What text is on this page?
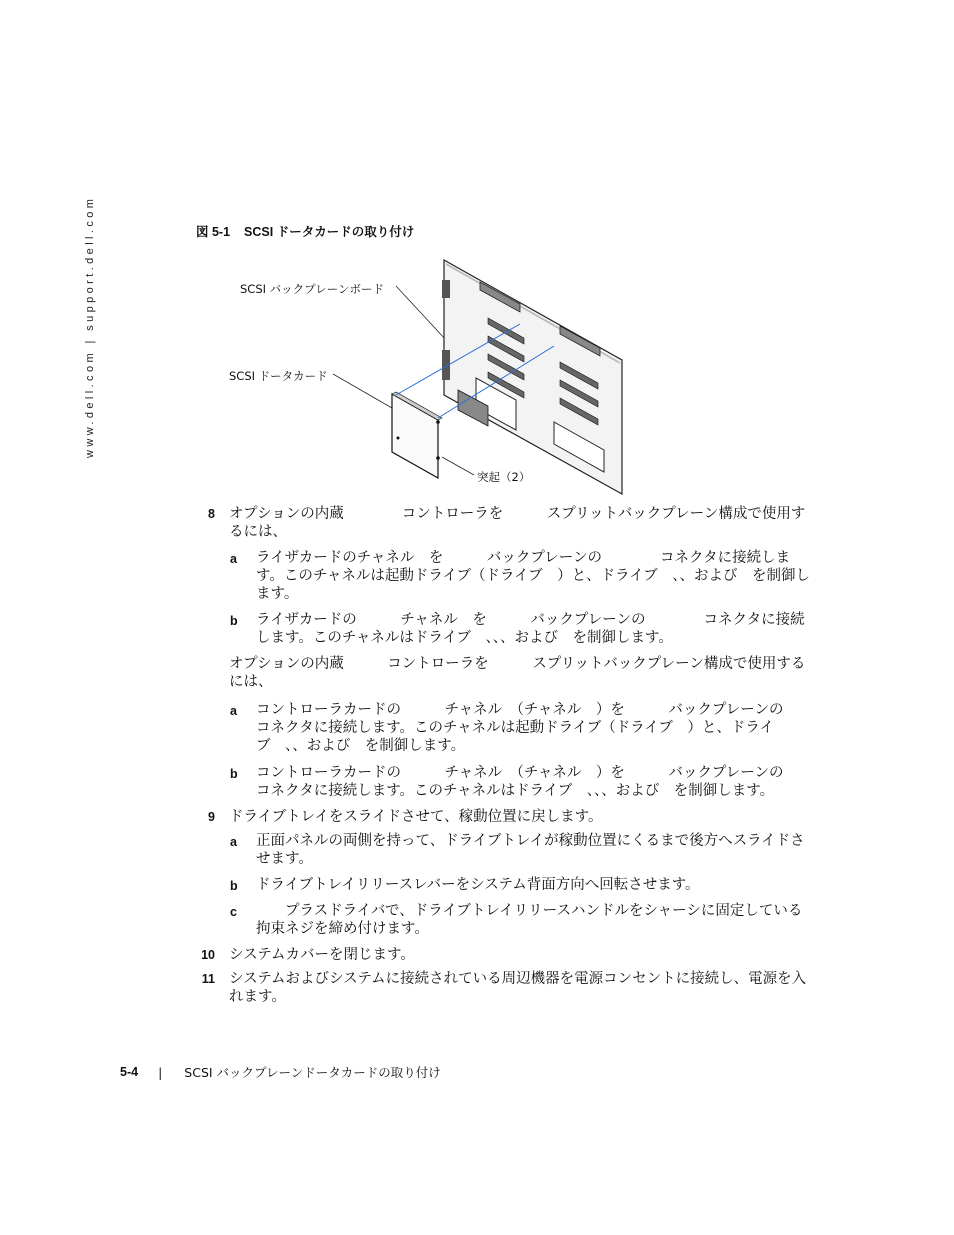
www.dell.com | support.dell.com	図 5-1 SCSI ドータカードの取り付け
SCSI バックプレーンボード
SCSI ドータカード
突起（2）
8 オプションの内蔵　　　　コントローラを　　　スプリットバックプレーン構成で使用するには、
a ライザカードのチャネル　を　　　バックプレーンの　　　　コネクタに接続します。このチャネルは起動ドライブ（ドライブ　）と、ドライブ　、、および　を制御します。
b ライザカードの　　　チャネル　を　　　バックプレーンの　　　　コネクタに接続します。このチャネルはドライブ　、、、および　を制御します。
オプションの内蔵　　　コントローラを　　　スプリットバックプレーン構成で使用するには、
a コントローラカードの　　　チャネル　（チャネル　）を　　　バックプレーンの　　　　　コネクタに接続します。このチャネルは起動ドライブ（ドライブ　）と、ドライブ　、、および　を制御します。
b コントローラカードの　　　チャネル　（チャネル　）を　　　バックプレーンの　　　コネクタに接続します。このチャネルはドライブ　、、、および　を制御します。
9 ドライブトレイをスライドさせて、稼動位置に戻します。
a 正面パネルの両側を持って、ドライブトレイが稼動位置にくるまで後方へスライドさせます。
b ドライブトレイリリースレバーをシステム背面方向へ回転させます。
c 　　プラスドライバで、ドライブトレイリリースハンドルをシャーシに固定している拘束ネジを締め付けます。
10 システムカバーを閉じます。
11 システムおよびシステムに接続されている周辺機器を電源コンセントに接続し、電源を入れます。
5-4 | SCSI バックプレーンドータカードの取り付け
